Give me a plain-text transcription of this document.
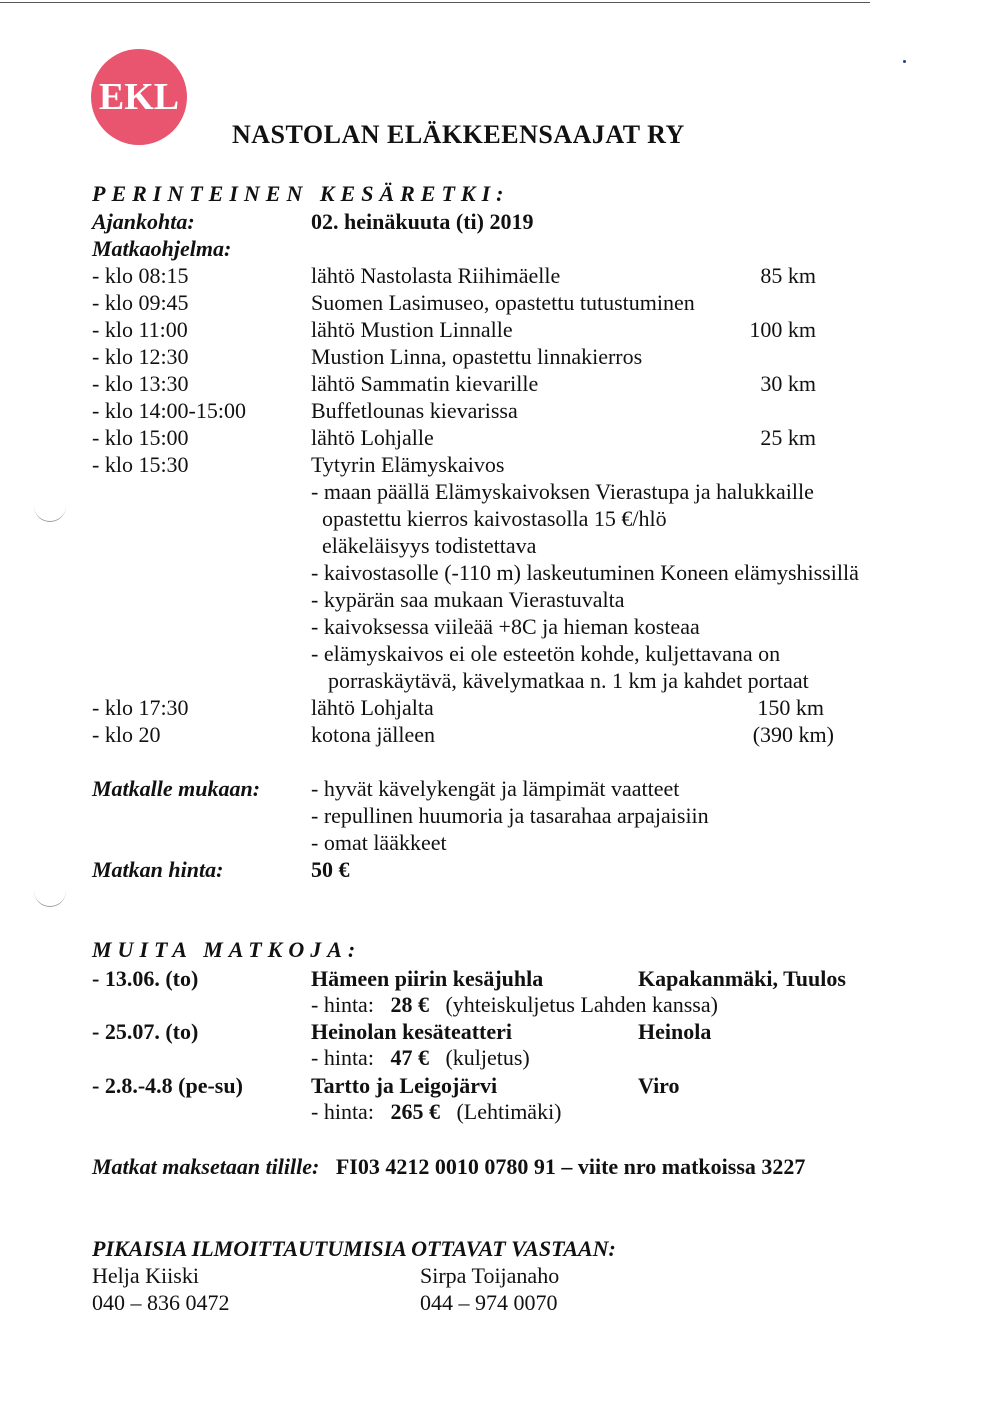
EKL
NASTOLAN ELÄKKEENSAAJAT RY
PERINTEINEN KESÄRETKI:
Ajankohta:	02. heinäkuuta (ti) 2019
Matkaohjelma:
- klo 08:15	lähtö Nastolasta Riihimäelle	85 km
- klo 09:45	Suomen Lasimuseo, opastettu tutustuminen
- klo 11:00	lähtö Mustion Linnalle	100 km
- klo 12:30	Mustion Linna, opastettu linnakierros
- klo 13:30	lähtö Sammatin kievarille	30 km
- klo 14:00-15:00	Buffetlounas kievarissa
- klo 15:00	lähtö Lohjalle	25 km
- klo 15:30	Tytyrin Elämyskaivos
- maan päällä Elämyskaivoksen Vierastupa ja halukkaille
opastettu kierros kaivostasolla 15 €/hlö
eläkeläisyys todistettava
- kaivostasolle (-110 m) laskeutuminen Koneen elämyshissillä
- kypärän saa mukaan Vierastuvalta
- kaivoksessa viileää +8C ja hieman kosteaa
- elämyskaivos ei ole esteetön kohde, kuljettavana on
porraskäytävä, kävelymatkaa n. 1 km ja kahdet portaat
- klo 17:30	lähtö Lohjalta	150 km
- klo 20	kotona jälleen	(390 km)
Matkalle mukaan: - hyvät kävelykengät ja lämpimät vaatteet
- repullinen huumoria ja tasarahaa arpajaisiin
- omat lääkkeet
Matkan hinta:	50 €
MUITA MATKOJA:
- 13.06. (to)	Hämeen piirin kesäjuhla	Kapakanmäki, Tuulos
- hinta: 28 € (yhteiskuljetus Lahden kanssa)
- 25.07. (to)	Heinolan kesäteatteri	Heinola
- hinta: 47 € (kuljetus)
- 2.8.-4.8 (pe-su)	Tartto ja Leigojärvi	Viro
- hinta: 265 € (Lehtimäki)
Matkat maksetaan tilille: FI03 4212 0010 0780 91 – viite nro matkoissa 3227
PIKAISIA ILMOITTAUTUMISIA OTTAVAT VASTAAN:
Helja Kiiski
040 – 836 0472
Sirpa Toijanaho
044 – 974 0070
